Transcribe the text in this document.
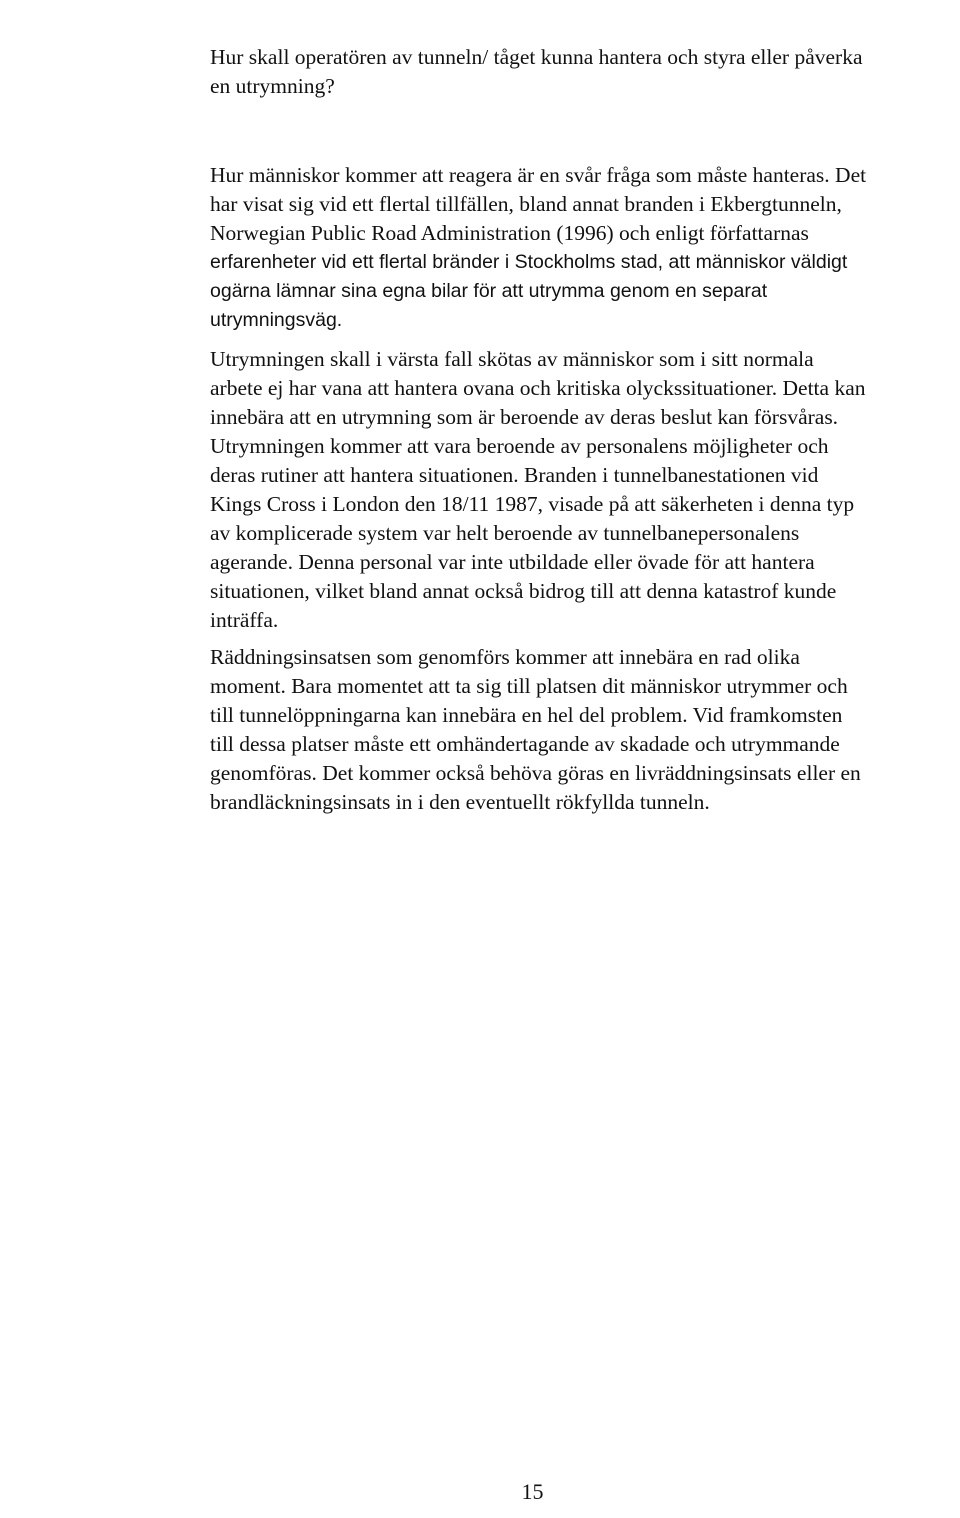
Hur skall operatören av tunneln/ tåget kunna hantera och styra eller påverka
en utrymning?

Hur människor kommer att reagera är en svår fråga som måste hanteras. Det
har visat sig vid ett flertal tillfällen, bland annat branden i Ekbergtunneln,
Norwegian Public Road Administration (1996) och enligt författarnas
erfarenheter vid ett flertal bränder i Stockholms stad, att människor väldigt
ogärna lämnar sina egna bilar för att utrymma genom en separat
utrymningsväg.

Utrymningen skall i värsta fall skötas av människor som i sitt normala
arbete ej har vana att hantera ovana och kritiska olyckssituationer. Detta kan
innebära att en utrymning som är beroende av deras beslut kan försvåras.
Utrymningen kommer att vara beroende av personalens möjligheter och
deras rutiner att hantera situationen. Branden i tunnelbanestationen vid
Kings Cross i London den 18/11 1987, visade på att säkerheten i denna typ
av komplicerade system var helt beroende av tunnelbanepersonalens
agerande. Denna personal var inte utbildade eller övade för att hantera
situationen, vilket bland annat också bidrog till att denna katastrof kunde
inträffa.

Räddningsinsatsen som genomförs kommer att innebära en rad olika
moment. Bara momentet att ta sig till platsen dit människor utrymmer och
till tunnelöppningarna kan innebära en hel del problem. Vid framkomsten
till dessa platser måste ett omhändertagande av skadade och utrymmande
genomföras. Det kommer också behöva göras en livräddningsinsats eller en
brandläckningsinsats in i den eventuellt rökfyllda tunneln.

15
